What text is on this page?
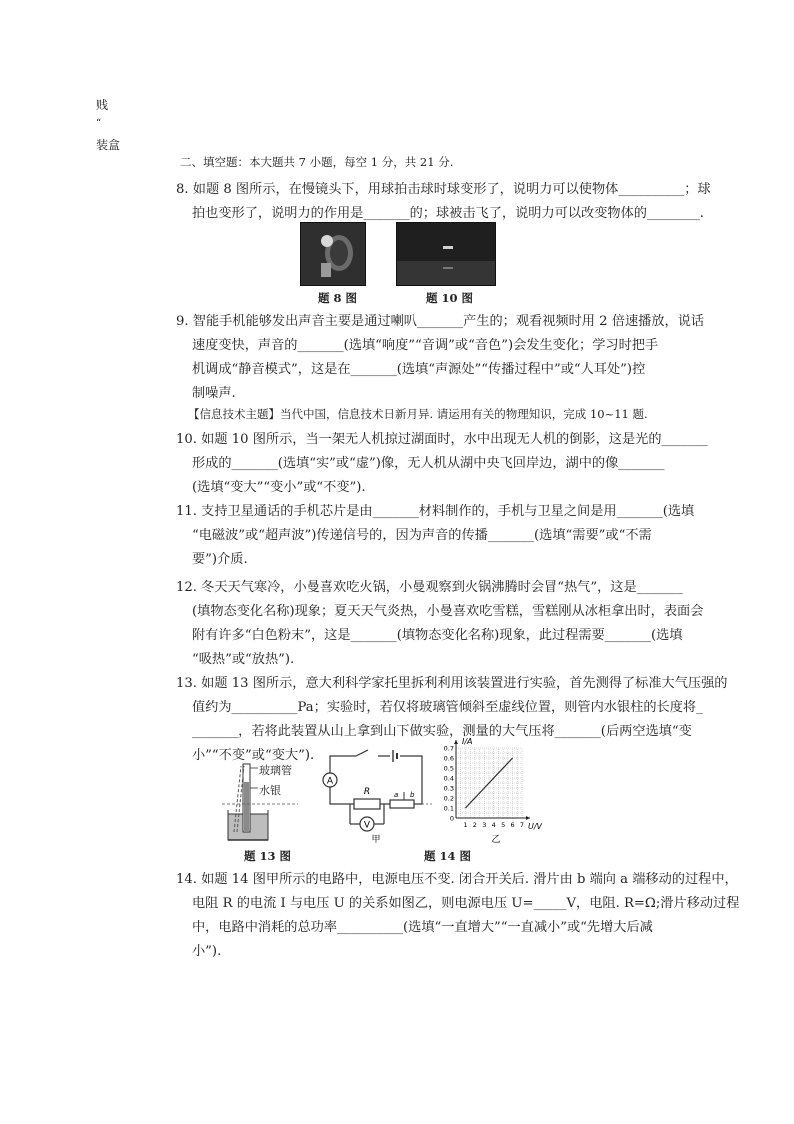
贱
“
装盒
二、填空题：本大题共 7 小题，每空 1 分，共 21 分.
8. 如题 8 图所示，在慢镜头下，用球拍击球时球变形了，说明力可以使物体__________；球
拍也变形了，说明力的作用是_______的；球被击飞了，说明力可以改变物体的________.
题 8 图	题 10 图
9. 智能手机能够发出声音主要是通过喇叭_______产生的；观看视频时用 2 倍速播放，说话
速度变快，声音的_______(选填“响度”“音调”或“音色”)会发生变化；学习时把手
机调成“静音模式”，这是在_______(选填“声源处”“传播过程中”或“人耳处”)控
制噪声.
【信息技术主题】当代中国，信息技术日新月异. 请运用有关的物理知识，完成 10~11 题.
10. 如题 10 图所示，当一架无人机掠过湖面时，水中出现无人机的倒影，这是光的_______
形成的_______(选填“实”或“虚”)像，无人机从湖中央飞回岸边，湖中的像_______
(选填“变大”“变小”或“不变”).
11. 支持卫星通话的手机芯片是由_______材料制作的，手机与卫星之间是用_______(选填
“电磁波”或“超声波”)传递信号的，因为声音的传播_______(选填“需要”或“不需
要”)介质.
12. 冬天天气寒冷，小曼喜欢吃火锅，小曼观察到火锅沸腾时会冒“热气”，这是_______
(填物态变化名称)现象；夏天天气炎热，小曼喜欢吃雪糕，雪糕刚从冰柜拿出时，表面会
附有许多“白色粉末”，这是_______(填物态变化名称)现象，此过程需要_______(选填
“吸热”或“放热”).
13. 如题 13 图所示，意大利科学家托里拆利利用该装置进行实验，首先测得了标准大气压强的
值约为__________Pa；实验时，若仅将玻璃管倾斜至虚线位置，则管内水银柱的长度将_
_______，若将此装置从山上拿到山下做实验，测量的大气压将_______(后两空选填“变
小”“不变”或“变大”).
玻璃管
水银
题 13 图
A
R	a b
V
甲
0.7
0.6
0.5
0.4
0.3
0.2
0.1
0
1 2 3 4 5 6 7
I/A
U/V
乙
题 14 图
14. 如题 14 图甲所示的电路中，电源电压不变. 闭合开关后. 滑片由 b 端向 a 端移动的过程中，
电阻 R 的电流 I 与电压 U 的关系如图乙，则电源电压 U=_____V，电阻. R=Ω;滑片移动过程
中，电路中消耗的总功率__________(选填“一直增大”“一直减小”或“先增大后减
小”).
